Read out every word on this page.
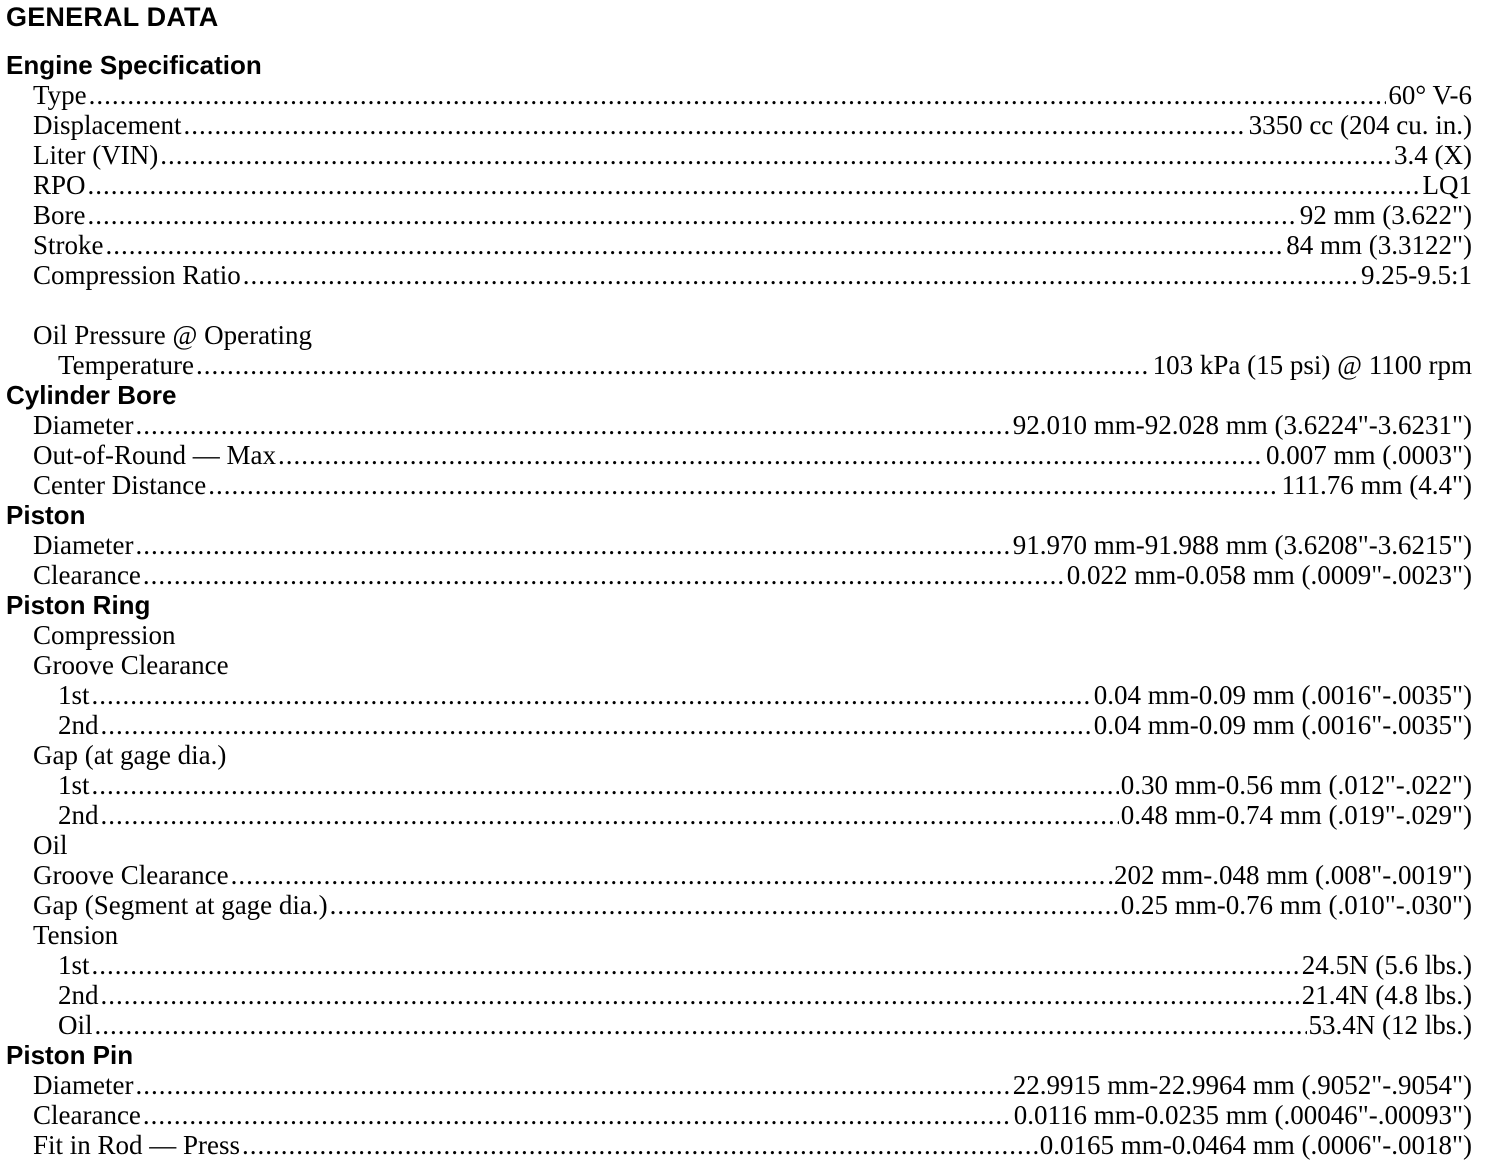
GENERAL DATA
Engine Specification
Type .....	60° V-6
Displacement .....	3350 cc (204 cu. in.)
Liter (VIN) .....	3.4 (X)
RPO .....	LQ1
Bore .....	92 mm (3.622")
Stroke .....	84 mm (3.3122")
Compression Ratio .....	9.25-9.5:1
Oil Pressure @ Operating
Temperature .....	103 kPa (15 psi) @ 1100 rpm
Cylinder Bore
Diameter .....	92.010 mm-92.028 mm (3.6224"-3.6231")
Out-of-Round — Max .....	0.007 mm (.0003")
Center Distance .....	111.76 mm (4.4")
Piston
Diameter .....	91.970 mm-91.988 mm (3.6208"-3.6215")
Clearance .....	0.022 mm-0.058 mm (.0009"-.0023")
Piston Ring
Compression
Groove Clearance
1st .....	0.04 mm-0.09 mm (.0016"-.0035")
2nd .....	0.04 mm-0.09 mm (.0016"-.0035")
Gap (at gage dia.)
1st .....	0.30 mm-0.56 mm (.012"-.022")
2nd .....	0.48 mm-0.74 mm (.019"-.029")
Oil
Groove Clearance .....	.202 mm-.048 mm (.008"-.0019")
Gap (Segment at gage dia.) .....	0.25 mm-0.76 mm (.010"-.030")
Tension
1st .....	24.5N (5.6 lbs.)
2nd .....	21.4N (4.8 lbs.)
Oil .....	53.4N (12 lbs.)
Piston Pin
Diameter .....	22.9915 mm-22.9964 mm (.9052"-.9054")
Clearance .....	0.0116 mm-0.0235 mm (.00046"-.00093")
Fit in Rod — Press .....	0.0165 mm-0.0464 mm (.0006"-.0018")
